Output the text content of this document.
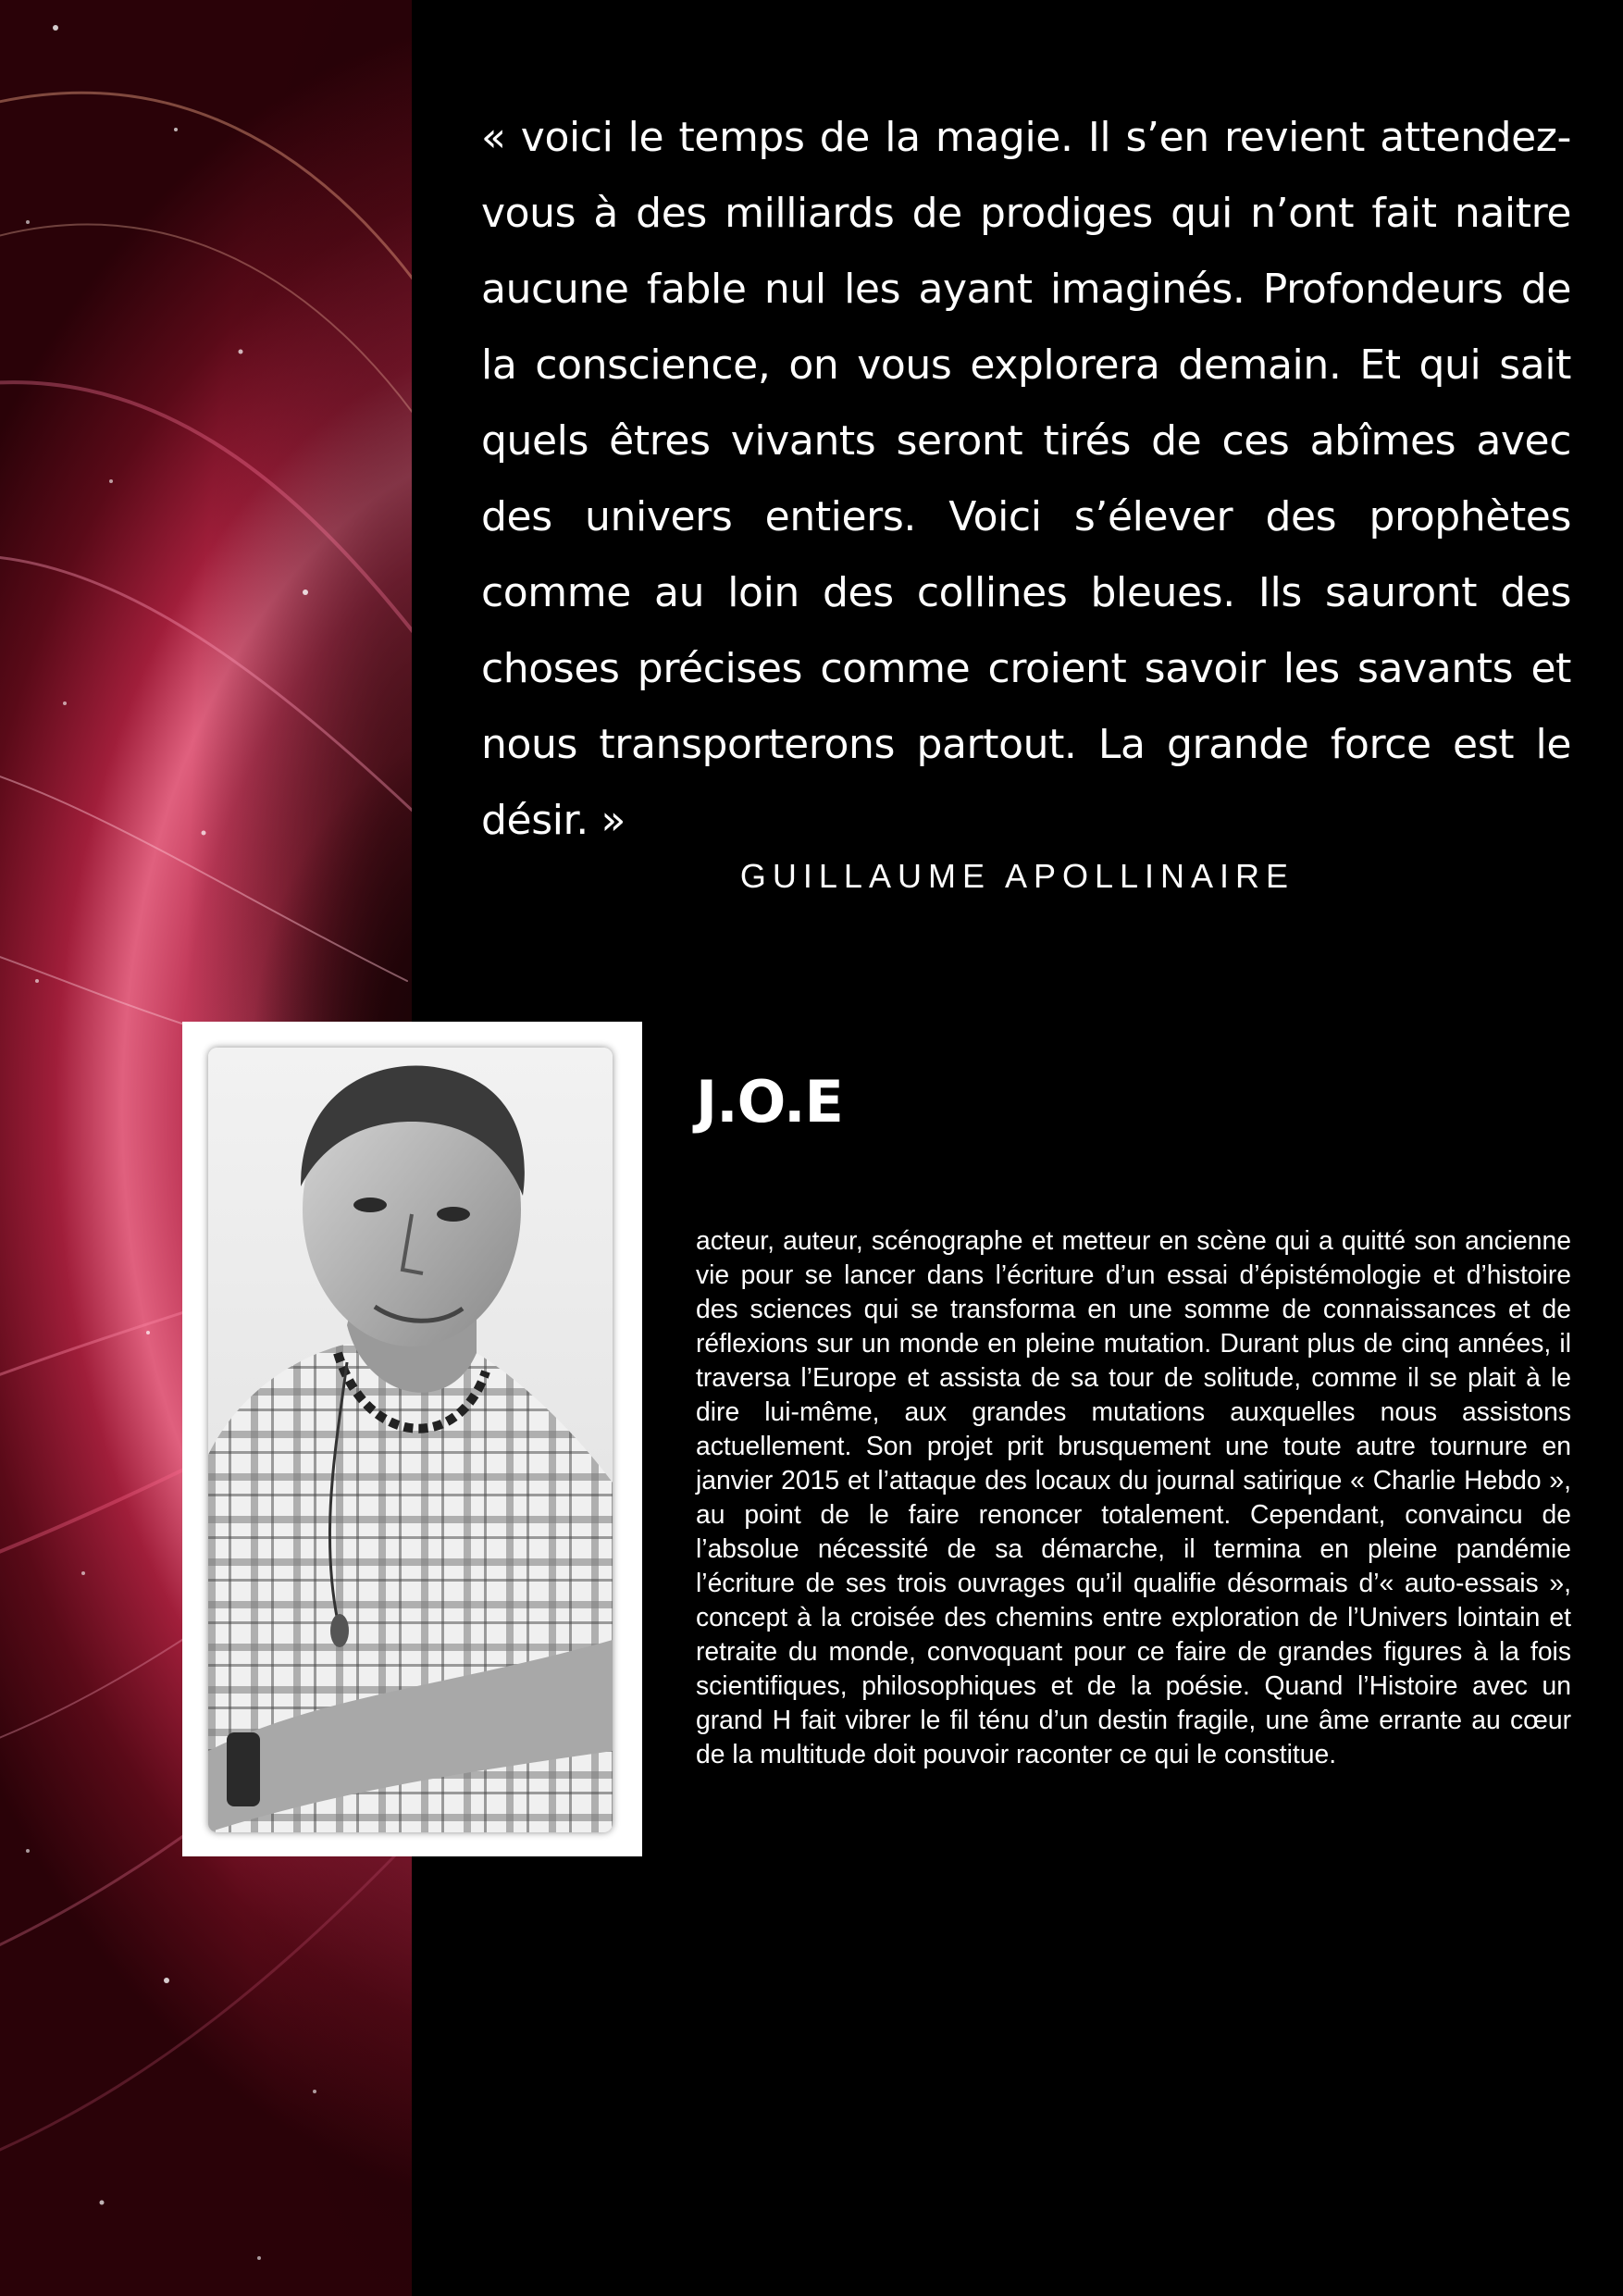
« voici le temps de la magie. Il s’en revient attendez-vous à des milliards de prodiges qui n’ont fait naitre aucune fable nul les ayant imaginés. Profondeurs de la conscience, on vous explorera demain. Et qui sait quels êtres vivants seront tirés de ces abîmes avec des univers entiers. Voici s’élever des prophètes comme au loin des collines bleues. Ils sauront des choses précises comme croient savoir les savants et nous transporterons partout. La grande force est le désir. »

GUILLAUME APOLLINAIRE
J.O.E

acteur, auteur, scénographe et metteur en scène qui a quitté son ancienne vie pour se lancer dans l’écriture d’un essai d’épistémologie et d’histoire des sciences qui se transforma en une somme de connaissances et de réflexions sur un monde en pleine mutation. Durant plus de cinq années, il traversa l’Europe et assista de sa tour de solitude, comme il se plait à le dire lui-même, aux grandes mutations auxquelles nous assistons actuellement. Son projet prit brusquement une toute autre tournure en janvier 2015 et l’attaque des locaux du journal satirique « Charlie Hebdo », au point de le faire renoncer totalement. Cependant, convaincu de l’absolue nécessité de sa démarche, il termina en pleine pandémie l’écriture de ses trois ouvrages qu’il qualifie désormais d’« auto-essais », concept à la croisée des chemins entre exploration de l’Univers lointain et retraite du monde, convoquant pour ce faire de grandes figures à la fois scientifiques, philosophiques et de la poésie. Quand l’Histoire avec un grand H fait vibrer le fil ténu d’un destin fragile, une âme errante au cœur de la multitude doit pouvoir raconter ce qui le constitue.
